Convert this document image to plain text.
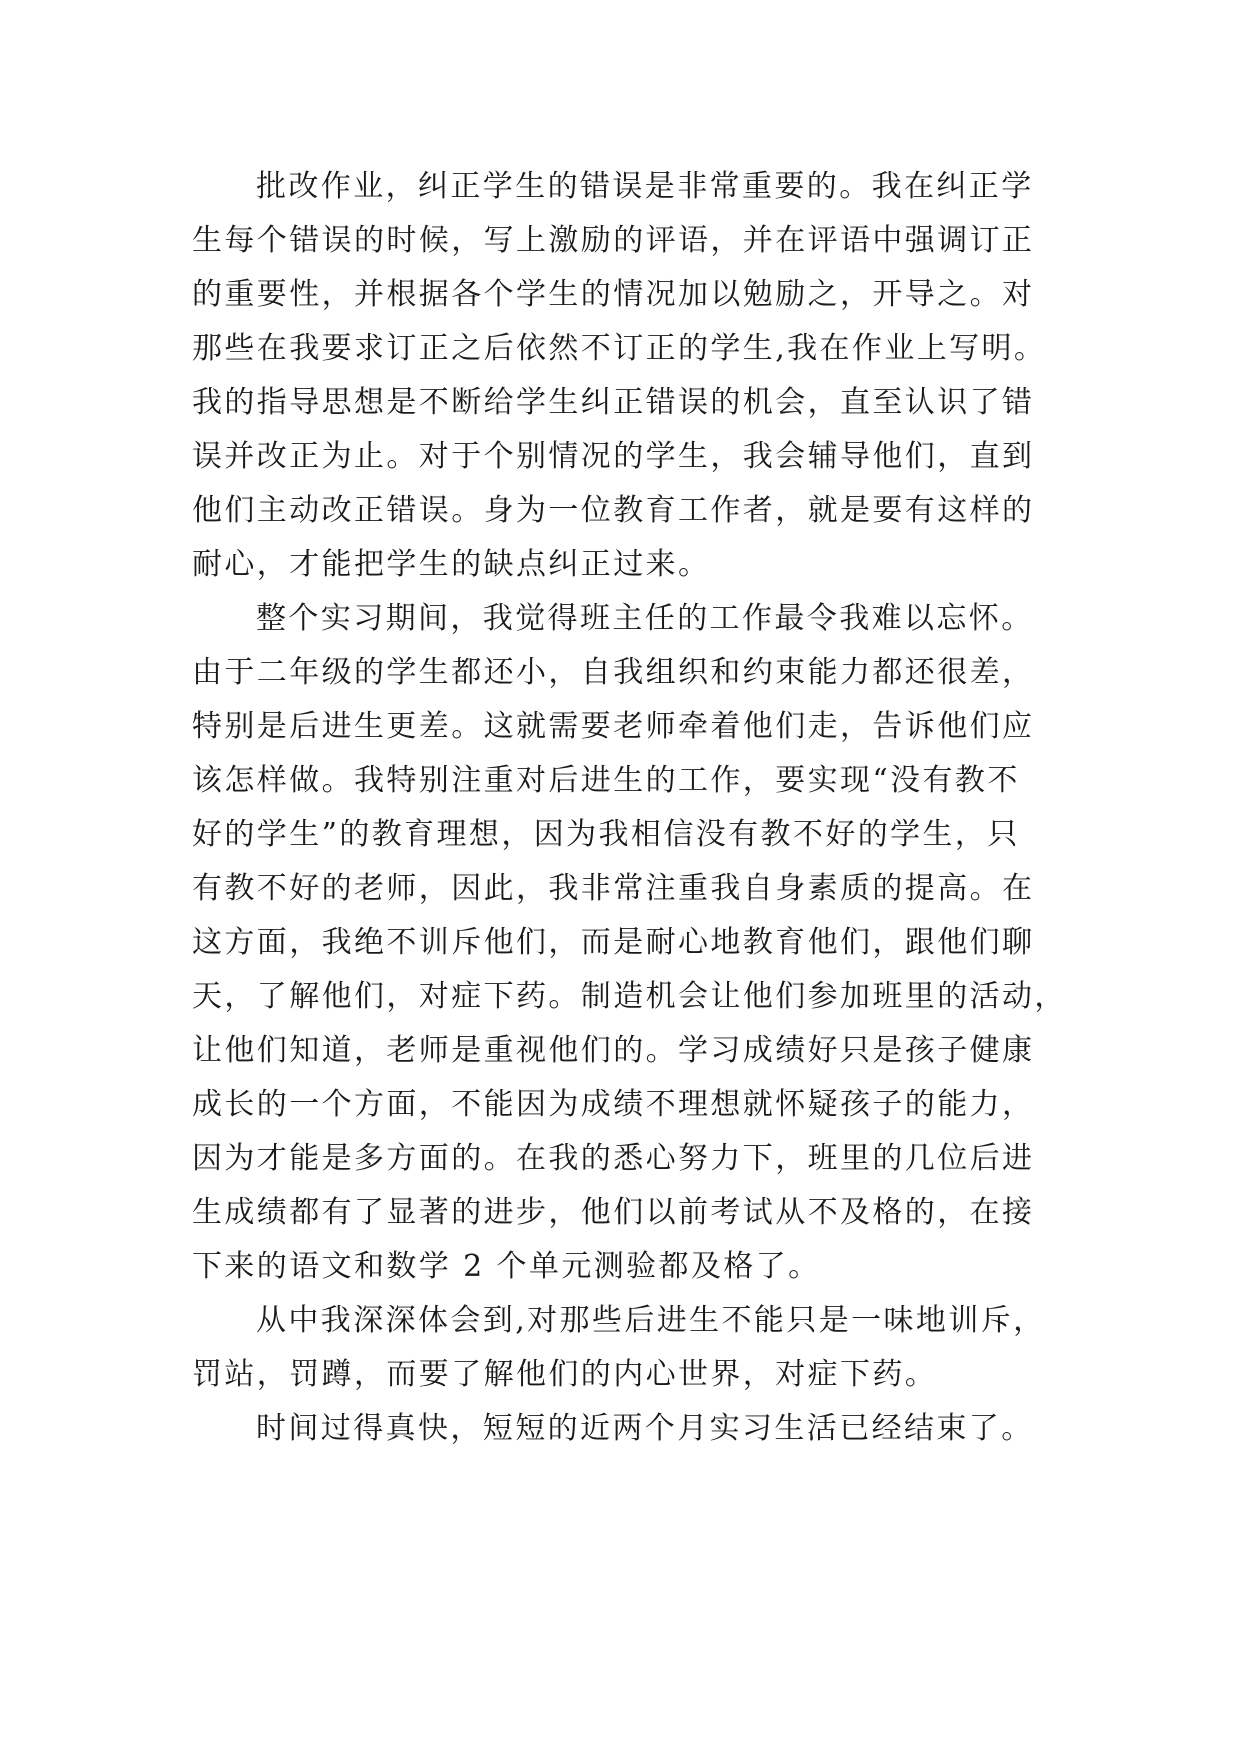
批改作业，纠正学生的错误是非常重要的。我在纠正学
生每个错误的时候，写上激励的评语，并在评语中强调订正
的重要性，并根据各个学生的情况加以勉励之，开导之。对
那些在我要求订正之后依然不订正的学生,我在作业上写明。
我的指导思想是不断给学生纠正错误的机会，直至认识了错
误并改正为止。对于个别情况的学生，我会辅导他们，直到
他们主动改正错误。身为一位教育工作者，就是要有这样的
耐心，才能把学生的缺点纠正过来。
整个实习期间，我觉得班主任的工作最令我难以忘怀。
由于二年级的学生都还小，自我组织和约束能力都还很差，
特别是后进生更差。这就需要老师牵着他们走，告诉他们应
该怎样做。我特别注重对后进生的工作，要实现“没有教不
好的学生”的教育理想，因为我相信没有教不好的学生，只
有教不好的老师，因此，我非常注重我自身素质的提高。在
这方面，我绝不训斥他们，而是耐心地教育他们，跟他们聊
天，了解他们，对症下药。制造机会让他们参加班里的活动，
让他们知道，老师是重视他们的。学习成绩好只是孩子健康
成长的一个方面，不能因为成绩不理想就怀疑孩子的能力，
因为才能是多方面的。在我的悉心努力下，班里的几位后进
生成绩都有了显著的进步，他们以前考试从不及格的，在接
下来的语文和数学 2 个单元测验都及格了。
从中我深深体会到,对那些后进生不能只是一味地训斥，
罚站，罚蹲，而要了解他们的内心世界，对症下药。
时间过得真快，短短的近两个月实习生活已经结束了。
